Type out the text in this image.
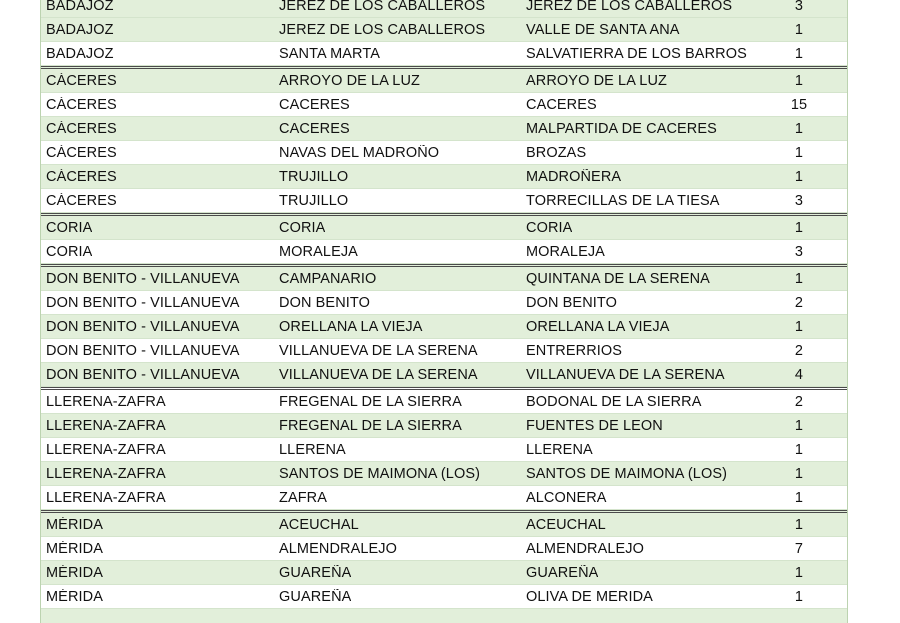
BADAJOZ	JEREZ DE LOS CABALLEROS	JEREZ DE LOS CABALLEROS	3
BADAJOZ	JEREZ DE LOS CABALLEROS	VALLE DE SANTA ANA	1
BADAJOZ	SANTA MARTA	SALVATIERRA DE LOS BARROS	1
CÁCERES	ARROYO DE LA LUZ	ARROYO DE LA LUZ	1
CÁCERES	CACERES	CACERES	15
CÁCERES	CACERES	MALPARTIDA DE CACERES	1
CÁCERES	NAVAS DEL MADROÑO	BROZAS	1
CÁCERES	TRUJILLO	MADROÑERA	1
CÁCERES	TRUJILLO	TORRECILLAS DE LA TIESA	3
CORIA	CORIA	CORIA	1
CORIA	MORALEJA	MORALEJA	3
DON BENITO - VILLANUEVA	CAMPANARIO	QUINTANA DE LA SERENA	1
DON BENITO - VILLANUEVA	DON BENITO	DON BENITO	2
DON BENITO - VILLANUEVA	ORELLANA LA VIEJA	ORELLANA LA VIEJA	1
DON BENITO - VILLANUEVA	VILLANUEVA DE LA SERENA	ENTRERRIOS	2
DON BENITO - VILLANUEVA	VILLANUEVA DE LA SERENA	VILLANUEVA DE LA SERENA	4
LLERENA-ZAFRA	FREGENAL DE LA SIERRA	BODONAL DE LA SIERRA	2
LLERENA-ZAFRA	FREGENAL DE LA SIERRA	FUENTES DE LEON	1
LLERENA-ZAFRA	LLERENA	LLERENA	1
LLERENA-ZAFRA	SANTOS DE MAIMONA (LOS)	SANTOS DE MAIMONA (LOS)	1
LLERENA-ZAFRA	ZAFRA	ALCONERA	1
MÉRIDA	ACEUCHAL	ACEUCHAL	1
MÉRIDA	ALMENDRALEJO	ALMENDRALEJO	7
MÉRIDA	GUAREÑA	GUAREÑA	1
MÉRIDA	GUAREÑA	OLIVA DE MERIDA	1
